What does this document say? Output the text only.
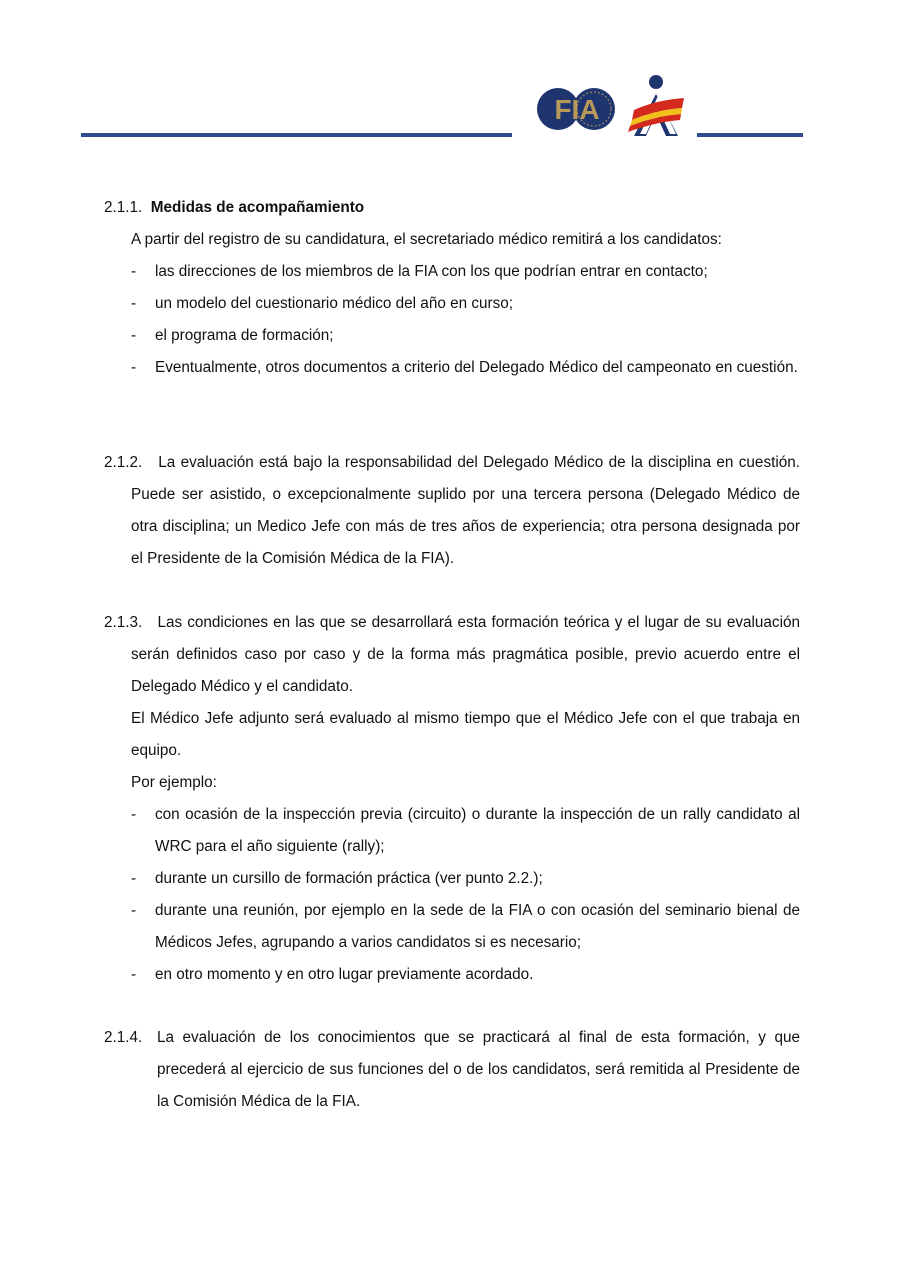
FIA
2.1.1. Medidas de acompañamiento
A partir del registro de su candidatura, el secretariado médico remitirá a los candidatos:
- las direcciones de los miembros de la FIA con los que podrían entrar en contacto;
- un modelo del cuestionario médico del año en curso;
- el programa de formación;
- Eventualmente, otros documentos a criterio del Delegado Médico del campeonato en cuestión.
2.1.2. La evaluación está bajo la responsabilidad del Delegado Médico de la disciplina en cuestión. Puede ser asistido, o excepcionalmente suplido por una tercera persona (Delegado Médico de otra disciplina; un Medico Jefe con más de tres años de experiencia; otra persona designada por el Presidente de la Comisión Médica de la FIA).
2.1.3. Las condiciones en las que se desarrollará esta formación teórica y el lugar de su evaluación serán definidos caso por caso y de la forma más pragmática posible, previo acuerdo entre el Delegado Médico y el candidato.
El Médico Jefe adjunto será evaluado al mismo tiempo que el Médico Jefe con el que trabaja en equipo.
Por ejemplo:
- con ocasión de la inspección previa (circuito) o durante la inspección de un rally candidato al WRC para el año siguiente (rally);
- durante un cursillo de formación práctica (ver punto 2.2.);
- durante una reunión, por ejemplo en la sede de la FIA o con ocasión del seminario bienal de Médicos Jefes, agrupando a varios candidatos si es necesario;
- en otro momento y en otro lugar previamente acordado.
2.1.4. La evaluación de los conocimientos que se practicará al final de esta formación, y que precederá al ejercicio de sus funciones del o de los candidatos, será remitida al Presidente de la Comisión Médica de la FIA.
